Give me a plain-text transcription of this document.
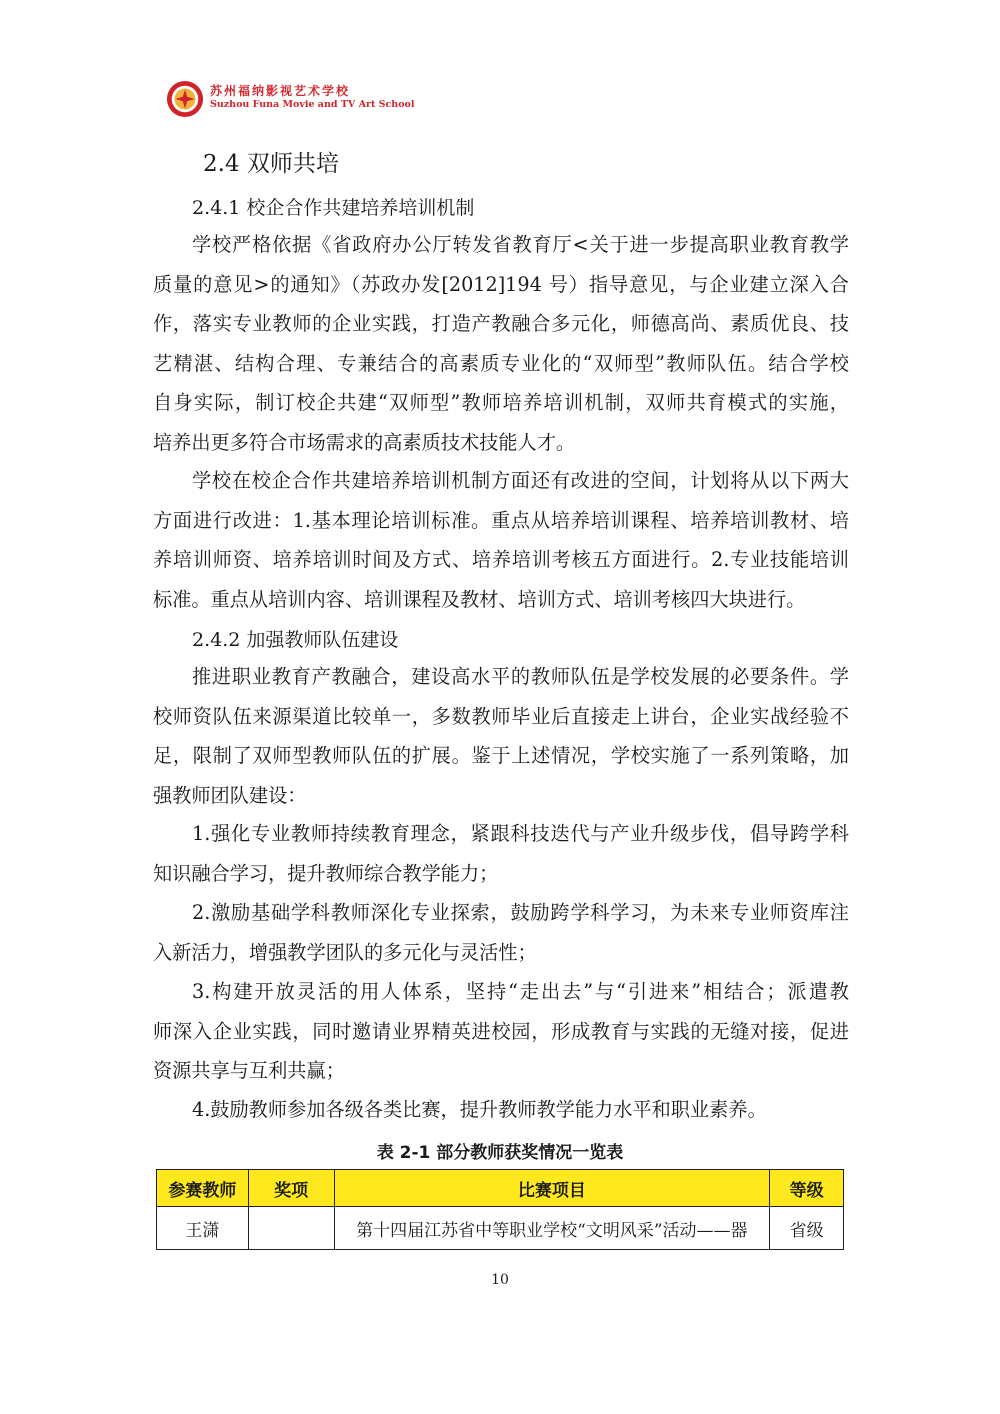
苏州福纳影视艺术学校
Suzhou Funa Movie and TV Art School
2.4 双师共培
2.4.1 校企合作共建培养培训机制

学校严格依据《省政府办公厅转发省教育厅<关于进一步提高职业教育教学
质量的意见>的通知》（苏政办发[2012]194 号）指导意见，与企业建立深入合
作，落实专业教师的企业实践，打造产教融合多元化，师德高尚、素质优良、技
艺精湛、结构合理、专兼结合的高素质专业化的“双师型”教师队伍。结合学校
自身实际，制订校企共建“双师型”教师培养培训机制，双师共育模式的实施，
培养出更多符合市场需求的高素质技术技能人才。

学校在校企合作共建培养培训机制方面还有改进的空间，计划将从以下两大
方面进行改进：1.基本理论培训标准。重点从培养培训课程、培养培训教材、培
养培训师资、培养培训时间及方式、培养培训考核五方面进行。2.专业技能培训
标准。重点从培训内容、培训课程及教材、培训方式、培训考核四大块进行。

2.4.2 加强教师队伍建设

推进职业教育产教融合，建设高水平的教师队伍是学校发展的必要条件。学
校师资队伍来源渠道比较单一，多数教师毕业后直接走上讲台，企业实战经验不
足，限制了双师型教师队伍的扩展。鉴于上述情况，学校实施了一系列策略，加
强教师团队建设：

1.强化专业教师持续教育理念，紧跟科技迭代与产业升级步伐，倡导跨学科
知识融合学习，提升教师综合教学能力；

2.激励基础学科教师深化专业探索，鼓励跨学科学习，为未来专业师资库注
入新活力，增强教学团队的多元化与灵活性；

3.构建开放灵活的用人体系，坚持“走出去”与“引进来”相结合；派遣教
师深入企业实践，同时邀请业界精英进校园，形成教育与实践的无缝对接，促进
资源共享与互利共赢；

4.鼓励教师参加各级各类比赛，提升教师教学能力水平和职业素养。

表 2-1 部分教师获奖情况一览表
参赛教师	奖项	比赛项目	等级
王潇		第十四届江苏省中等职业学校“文明风采”活动——器	省级
10
